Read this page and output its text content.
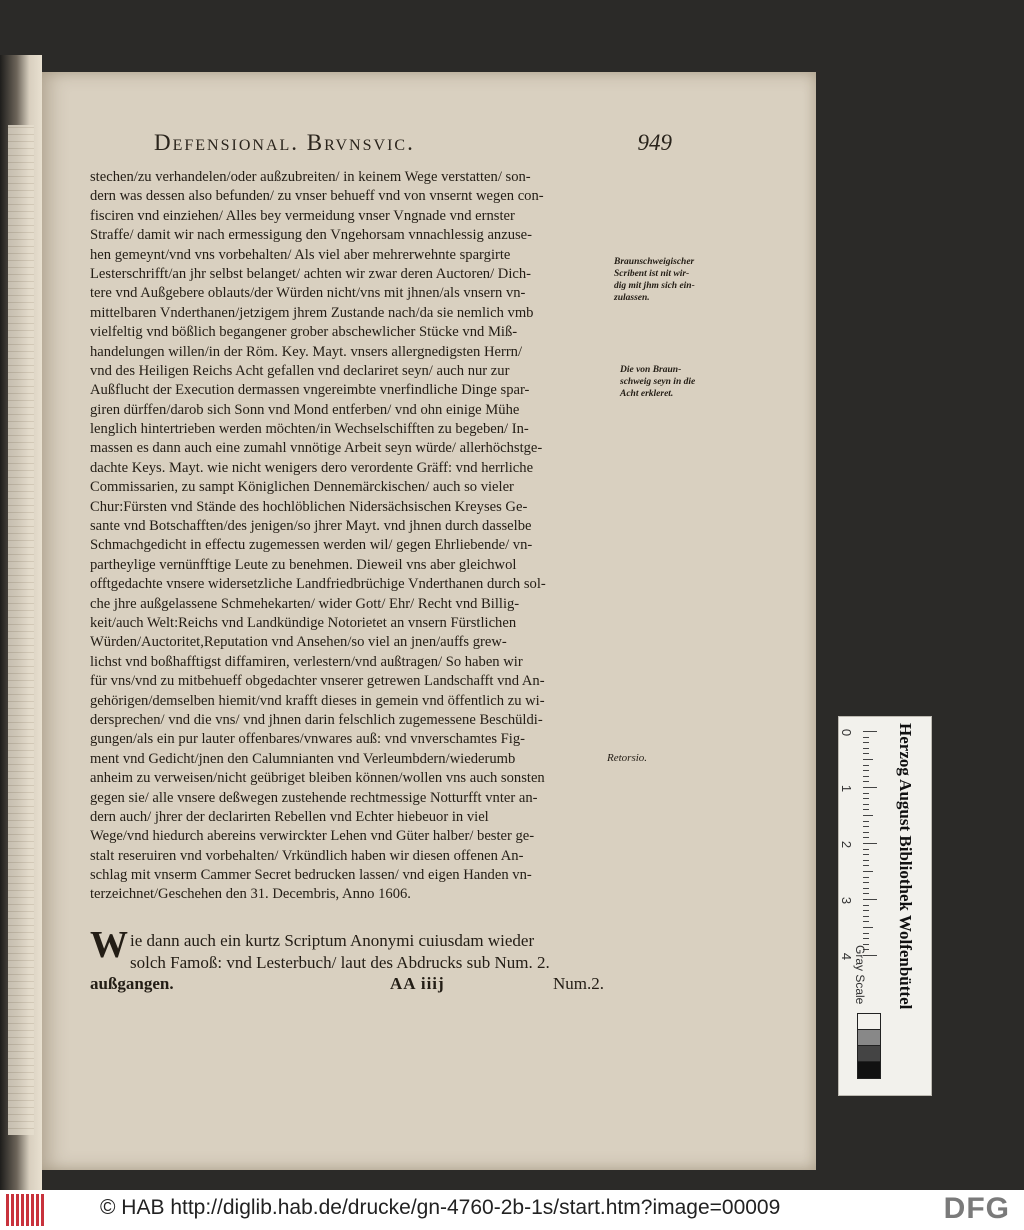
Defensional. Brvnsvic.	949
stechen/zu verhandelen/oder außzubreiten/ in keinem Wege verstatten/ son-
dern was dessen also befunden/ zu vnser behueff vnd von vnsernt wegen con-
fisciren vnd einziehen/ Alles bey vermeidung vnser Vngnade vnd ernster
Straffe/ damit wir nach ermessigung den Vngehorsam vnnachlessig anzuse-
hen gemeynt/vnd vns vorbehalten/ Als viel aber mehrerwehnte spargirte
Lesterschrifft/an jhr selbst belanget/ achten wir zwar deren Auctoren/ Dich-
tere vnd Außgebere oblauts/der Würden nicht/vns mit jhnen/als vnsern vn-
mittelbaren Vnderthanen/jetzigem jhrem Zustande nach/da sie nemlich vmb
vielfeltig vnd bößlich begangener grober abschewlicher Stücke vnd Miß-
handelungen willen/in der Röm. Key. Mayt. vnsers allergnedigsten Herrn/
vnd des Heiligen Reichs Acht gefallen vnd declariret seyn/ auch nur zur
Außflucht der Execution dermassen vngereimbte vnerfindliche Dinge spar-
giren dürffen/darob sich Sonn vnd Mond entferben/ vnd ohn einige Mühe
lenglich hintertrieben werden möchten/in Wechselschifften zu begeben/ In-
massen es dann auch eine zumahl vnnötige Arbeit seyn würde/ allerhöchstge-
dachte Keys. Mayt. wie nicht wenigers dero verordente Gräff: vnd herrliche
Commissarien, zu sampt Königlichen Dennemärckischen/ auch so vieler
Chur:Fürsten vnd Stände des hochlöblichen Nidersächsischen Kreyses Ge-
sante vnd Botschafften/des jenigen/so jhrer Mayt. vnd jhnen durch dasselbe
Schmachgedicht in effectu zugemessen werden wil/ gegen Ehrliebende/ vn-
partheylige vernünfftige Leute zu benehmen. Dieweil vns aber gleichwol
offtgedachte vnsere widersetzliche Landfriedbrüchige Vnderthanen durch sol-
che jhre außgelassene Schmehekarten/ wider Gott/ Ehr/ Recht vnd Billig-
keit/auch Welt:Reichs vnd Landkündige Notorietet an vnsern Fürstlichen
Würden/Auctoritet,Reputation vnd Ansehen/so viel an jnen/auffs grew-
lichst vnd boßhafftigst diffamiren, verlestern/vnd außtragen/ So haben wir
für vns/vnd zu mitbehueff obgedachter vnserer getrewen Landschafft vnd An-
gehörigen/demselben hiemit/vnd krafft dieses in gemein vnd öffentlich zu wi-
dersprechen/ vnd die vns/ vnd jhnen darin felschlich zugemessene Beschüldi-
gungen/als ein pur lauter offenbares/vnwares auß: vnd vnverschamtes Fig-
ment vnd Gedicht/jnen den Calumnianten vnd Verleumbdern/wiederumb
anheim zu verweisen/nicht geübriget bleiben können/wollen vns auch sonsten
gegen sie/ alle vnsere deßwegen zustehende rechtmessige Notturfft vnter an-
dern auch/ jhrer der declarirten Rebellen vnd Echter hiebeuor in viel
Wege/vnd hiedurch abereins verwirckter Lehen vnd Güter halber/ bester ge-
stalt reseruiren vnd vorbehalten/ Vrkündlich haben wir diesen offenen An-
schlag mit vnserm Cammer Secret bedrucken lassen/ vnd eigen Handen vn-
terzeichnet/Geschehen den 31. Decembris, Anno 1606.
Braunschweigischer
Scribent ist nit wir-
dig mit jhm sich ein-
zulassen.
Die von Braun-
schweig seyn in die
Acht erkleret.
Retorsio.
Wie dann auch ein kurtz Scriptum Anonymi cuiusdam wieder
solch Famoß: vnd Lesterbuch/ laut des Abdrucks sub Num. 2.
außgangen.	AA iiij	Num.2.
0
1
2
3
4 Herzog August Bibliothek Wolfenbüttel
Gray Scale
© HAB http://diglib.hab.de/drucke/gn-4760-2b-1s/start.htm?image=00009	DFG
